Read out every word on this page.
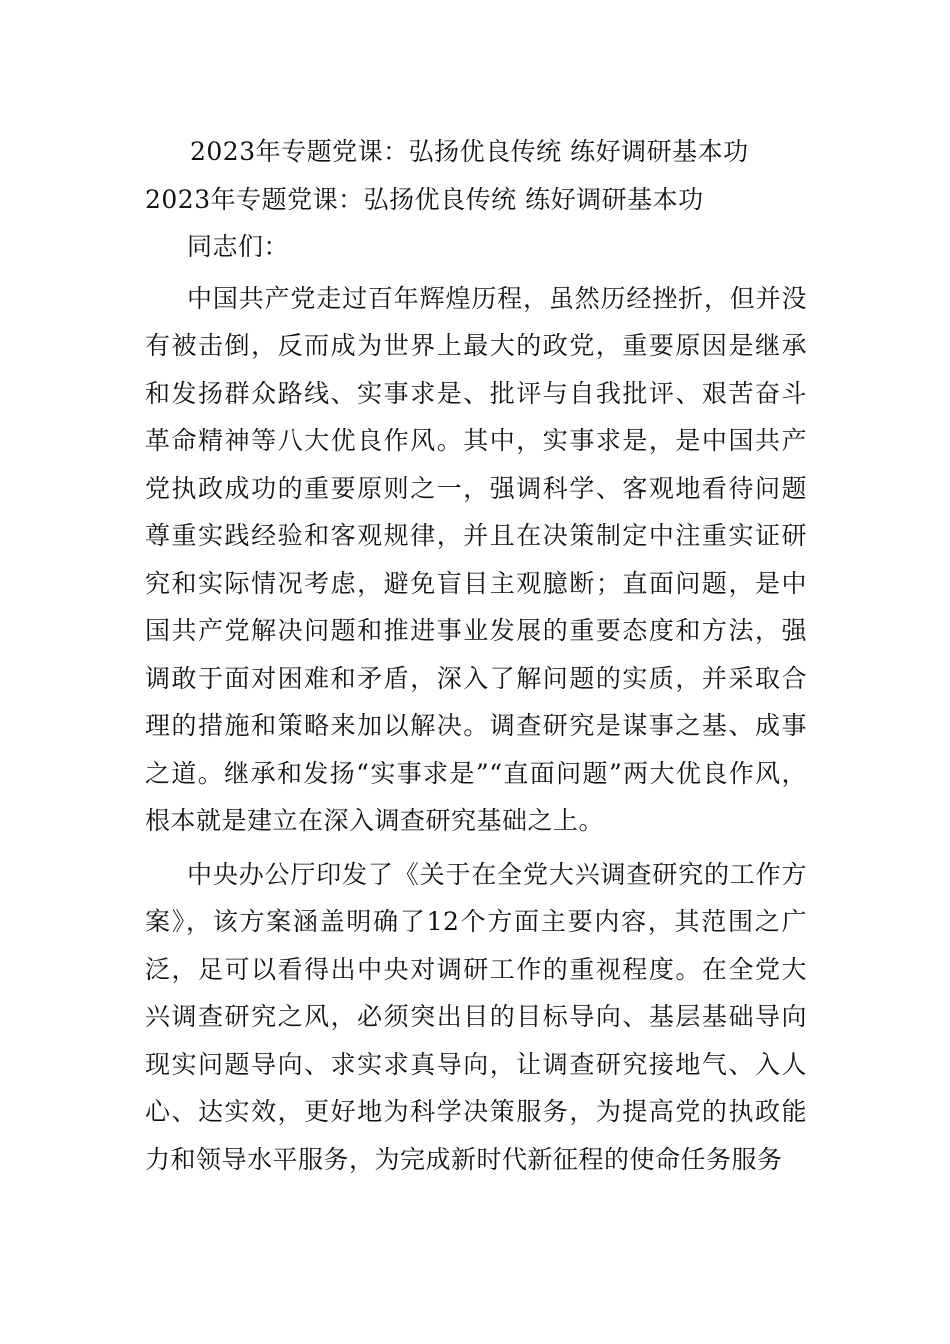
2023年专题党课：弘扬优良传统 练好调研基本功
2023年专题党课：弘扬优良传统 练好调研基本功

同志们：

中国共产党走过百年辉煌历程，虽然历经挫折，但并没有被击倒，反而成为世界上最大的政党，重要原因是继承和发扬群众路线、实事求是、批评与自我批评、艰苦奋斗革命精神等八大优良作风。其中，实事求是，是中国共产党执政成功的重要原则之一，强调科学、客观地看待问题尊重实践经验和客观规律，并且在决策制定中注重实证研究和实际情况考虑，避免盲目主观臆断；直面问题，是中国共产党解决问题和推进事业发展的重要态度和方法，强调敢于面对困难和矛盾，深入了解问题的实质，并采取合理的措施和策略来加以解决。调查研究是谋事之基、成事之道。继承和发扬“实事求是”“直面问题”两大优良作风，根本就是建立在深入调查研究基础之上。

中央办公厅印发了《关于在全党大兴调查研究的工作方案》，该方案涵盖明确了12个方面主要内容，其范围之广泛，足可以看得出中央对调研工作的重视程度。在全党大兴调查研究之风，必须突出目的目标导向、基层基础导向现实问题导向、求实求真导向，让调查研究接地气、入人心、达实效，更好地为科学决策服务，为提高党的执政能力和领导水平服务，为完成新时代新征程的使命任务服务
